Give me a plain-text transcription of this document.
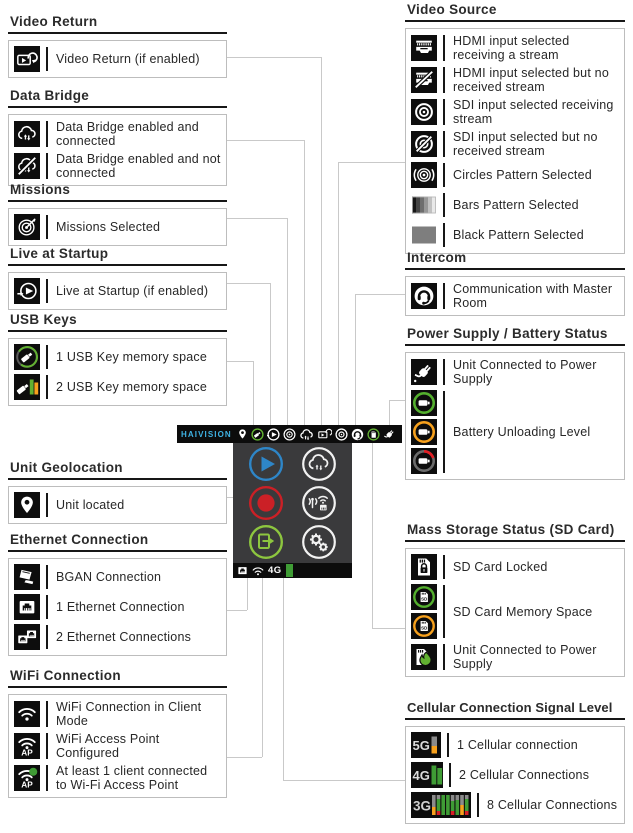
Video Return
Video Return (if enabled)
Data Bridge
Data Bridge enabled and connected
Data Bridge enabled and not connected
Missions
Missions Selected
Live at Startup
Live at Startup (if enabled)
USB Keys
1 USB Key memory space
2 USB Key memory space
Unit Geolocation
Unit located
Ethernet Connection
BGAN Connection
1 Ethernet Connection
2 Ethernet Connections
WiFi Connection
WiFi Connection in Client Mode
AP
WiFi Access Point Configured
AP
At least 1 client connected to Wi-Fi Access Point
Video Source
HDMI input selected receiving a stream
HDMI input selected but no received stream
SDI input selected receiving stream
SDI input selected but no received stream
Circles Pattern Selected
Bars Pattern Selected
Black Pattern Selected
Intercom
Communication with Master Room
Power Supply / Battery Status
Unit Connected to Power Supply
Battery Unloading Level
Mass Storage Status (SD Card)
SD Card Locked
SD
SD
SD Card Memory Space
Unit Connected to Power Supply
Cellular Connection Signal Level
5G 1 Cellular connection
4G 2 Cellular Connections
3G	8 Cellular Connections
HAIVISION
4G
